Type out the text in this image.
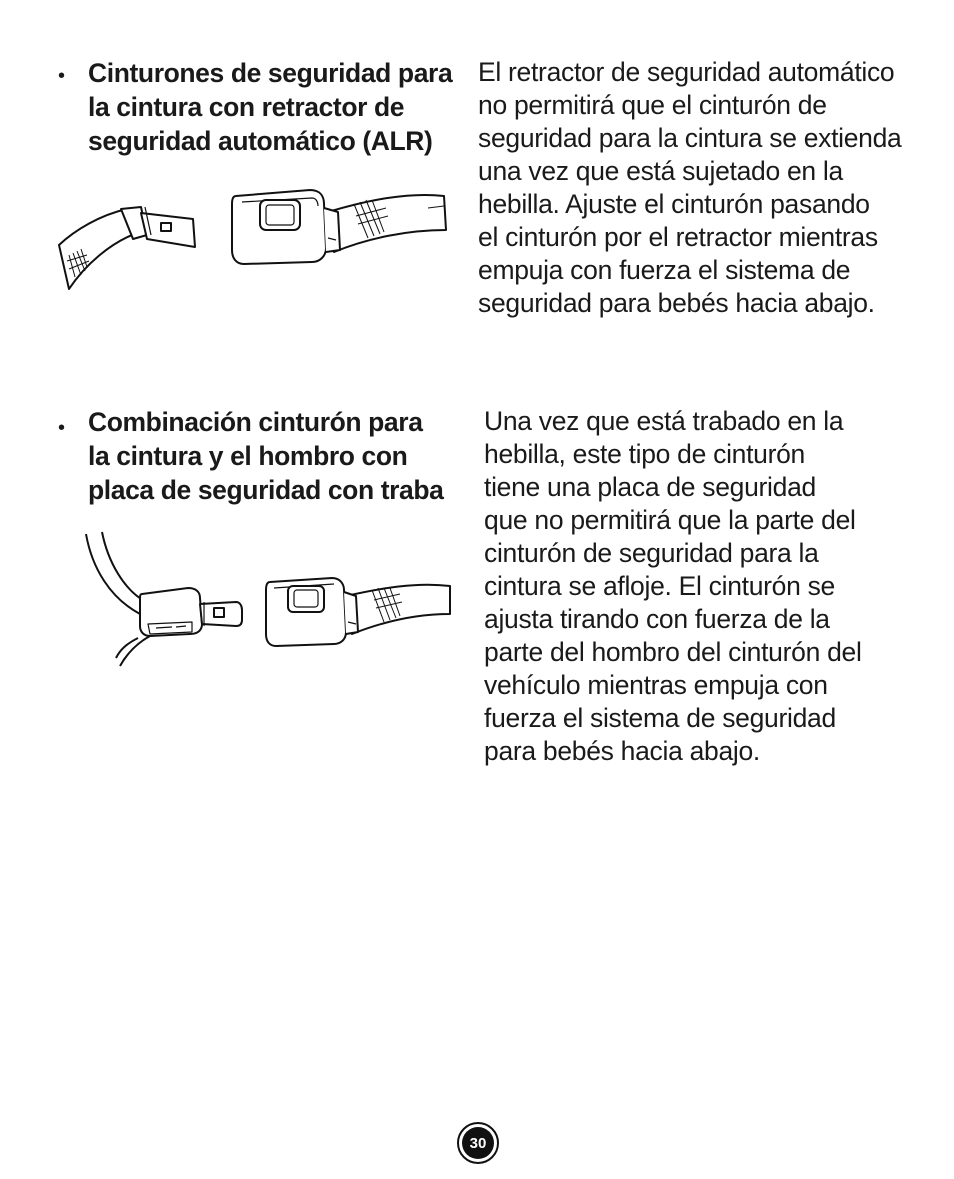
• Cinturones de seguridad para
la cintura con retractor de
seguridad automático (ALR)

El retractor de seguridad automático
no permitirá que el cinturón de
seguridad para la cintura se extienda
una vez que está sujetado en la
hebilla. Ajuste el cinturón pasando
el cinturón por el retractor mientras
empuja con fuerza el sistema de
seguridad para bebés hacia abajo.

• Combinación cinturón para
la cintura y el hombro con
placa de seguridad con traba

Una vez que está trabado en la
hebilla, este tipo de cinturón
tiene una placa de seguridad
que no permitirá que la parte del
cinturón de seguridad para la
cintura se afloje. El cinturón se
ajusta tirando con fuerza de la
parte del hombro del cinturón del
vehículo mientras empuja con
fuerza el sistema de seguridad
para bebés hacia abajo.

30
